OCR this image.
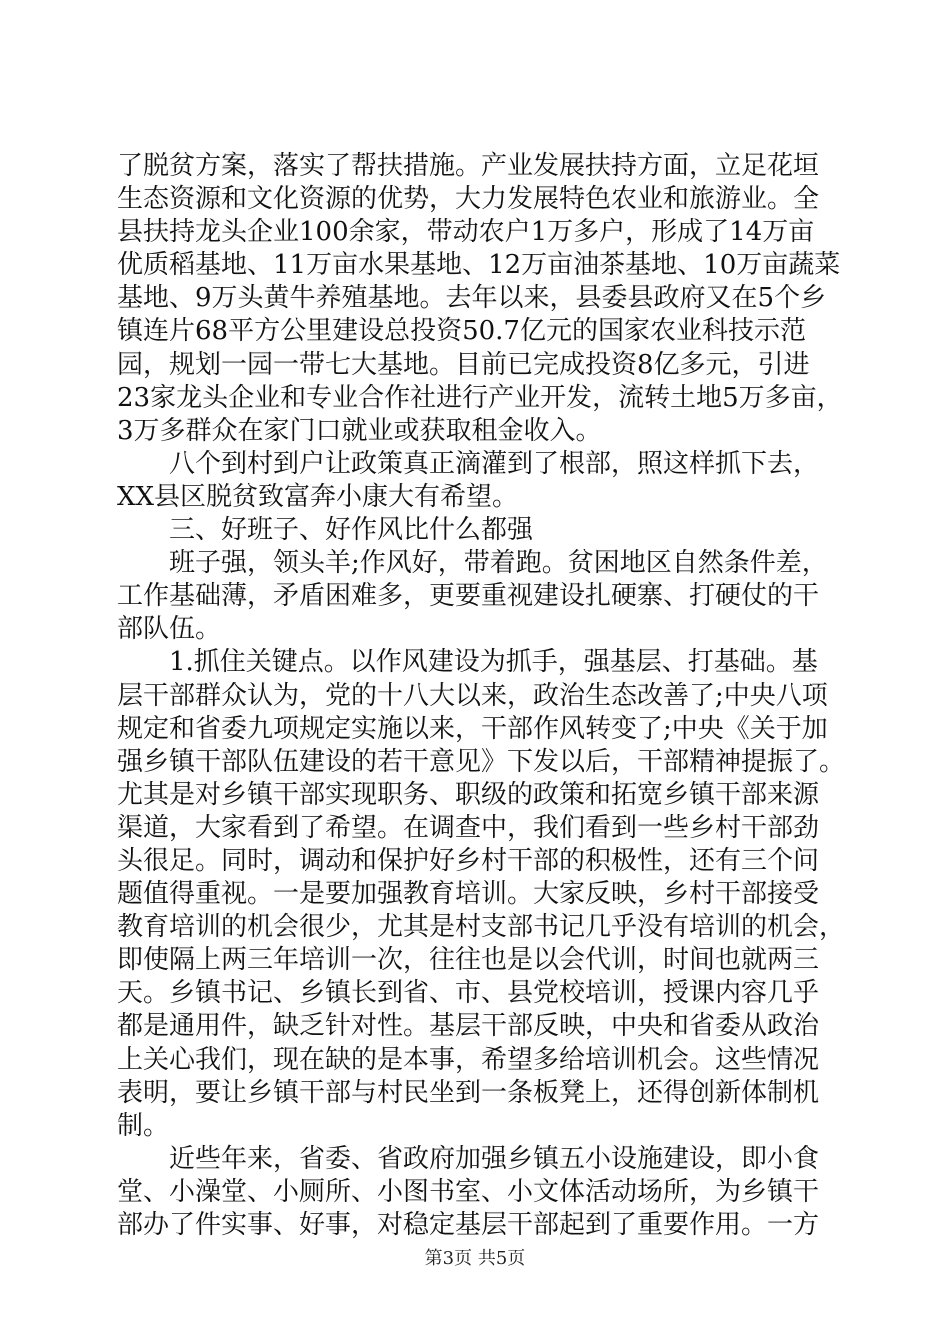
了脱贫方案，落实了帮扶措施。产业发展扶持方面，立足花垣
生态资源和文化资源的优势，大力发展特色农业和旅游业。全
县扶持龙头企业100余家，带动农户1万多户，形成了14万亩
优质稻基地、11万亩水果基地、12万亩油茶基地、10万亩蔬菜
基地、9万头黄牛养殖基地。去年以来，县委县政府又在5个乡
镇连片68平方公里建设总投资50.7亿元的国家农业科技示范
园，规划一园一带七大基地。目前已完成投资8亿多元，引进
23家龙头企业和专业合作社进行产业开发，流转土地5万多亩，
3万多群众在家门口就业或获取租金收入。
　　八个到村到户让政策真正滴灌到了根部，照这样抓下去，
XX县区脱贫致富奔小康大有希望。
　　三、好班子、好作风比什么都强
　　班子强，领头羊;作风好，带着跑。贫困地区自然条件差，
工作基础薄，矛盾困难多，更要重视建设扎硬寨、打硬仗的干
部队伍。
　　1.抓住关键点。以作风建设为抓手，强基层、打基础。基
层干部群众认为，党的十八大以来，政治生态改善了;中央八项
规定和省委九项规定实施以来，干部作风转变了;中央《关于加
强乡镇干部队伍建设的若干意见》下发以后，干部精神提振了。
尤其是对乡镇干部实现职务、职级的政策和拓宽乡镇干部来源
渠道，大家看到了希望。在调查中，我们看到一些乡村干部劲
头很足。同时，调动和保护好乡村干部的积极性，还有三个问
题值得重视。一是要加强教育培训。大家反映，乡村干部接受
教育培训的机会很少，尤其是村支部书记几乎没有培训的机会，
即使隔上两三年培训一次，往往也是以会代训，时间也就两三
天。乡镇书记、乡镇长到省、市、县党校培训，授课内容几乎
都是通用件，缺乏针对性。基层干部反映，中央和省委从政治
上关心我们，现在缺的是本事，希望多给培训机会。这些情况
表明，要让乡镇干部与村民坐到一条板凳上，还得创新体制机
制。
　　近些年来，省委、省政府加强乡镇五小设施建设，即小食
堂、小澡堂、小厕所、小图书室、小文体活动场所，为乡镇干
部办了件实事、好事，对稳定基层干部起到了重要作用。一方
第3页 共5页
